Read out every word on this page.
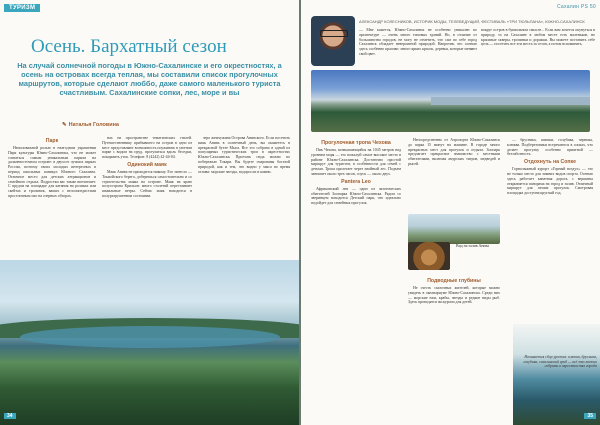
ТУРИЗМ
Осень. Бархатный сезон
На случай солнечной погоды в Южно-Сахалинске и его окрестностях, а осень на островах всегда теплая, мы составили список прогулочных маршрутов, которые сделают люббо, даже самого маленького туриста счастливым. Сахалинские сопки, лес, море и вы
✎ Наталья Головина
Парк

Немаловажной ролью в ежегодном украшении Парк культуры Южно-Сахалинска, что не может считаться самым уникальным парком на дальневосточном острове: в двухсот лучших парках России, поэтому своих молодых интересных в период школьных каникул Южного Сахалина. Отличное место для детских аттракционов и семейного отдыха. Подростки вас также впечатляет. С прудом на площадке для катания на роликах или скейтах и тропинок, ваших с велосипедистами проселочным ихо на озерных обзорах.

нах на пространстве тематических стилей. Путешественнику прибывшего на остров в одно из мест представляют возможность поужинать в уютном парке с видом на пруд, прогуляться вдоль беседки, покормить уток. Телефон: 8 (4242) 42-44-04.

Одинокий маяк

Маяк Анива не приходится никому. Его занесло — Токиойского берега, доберешься самостоятельно и со строительства маяка на острове. Маяк на краю полуострова Крильон: много столетий перестаивает шквальные ветры. Сейчас маяк находится в полуразрушенном состоянии.

зеро жемчужина Острова Анивского. Если посетить маяк Анива в солнечный день, вы окажетесь в прекрасной бухте Мыса. Все это собрано в одной из популярных туристических троп в окрестностях Южно-Сахалинска. Проехать сюда можно по побережью Токари. Вы будете очарованы богатой природой, как и тем, что видно у мыса во время отлива: морские звезды, водоросли и камни.

34
Сахалин PS 50
АЛЕКСАНДР КОЛЕСНИКОВ, ИСТОРИК МОДЫ, ТЕЛЕВЕДУЩИЙ, ФЕСТИВАЛЬ «ТРИ ТЮЛЬПАНА», ЮЖНО-САХАЛИНСК
— Мне кажется, Южно-Сахалинск не особенно уникален по архитектуре — очень много типовых зданий. Но, в отличие от большинства городов, не могу не отметить, что сам по себе город Сахалинск обладает невероятной природой. Напротив, что осенью здесь особенно красиво: много ярких красок, деревья, которые меняют свой цвет.
вокруг остров в буквальном смысле... Если вам хочется окунуться в природу, то на Сахалине в любом месте есть маленькие, но красивые скверы, тропинки и дорожки. Вы можете поставить себе цель — посетить все эти места за сезон, а потом вспоминать.
Прогулочная тропа Чехова

Пик Чехова, возвышающийся на 1045 метров над уровнем моря — это пожалуй самое высокое место в районе Южно-Сахалинска. Достаточно простой маршрут для туристов, в особенности для семей с детьми. Тропа пролегает через хвойный лес. Подъем занимает около трех часов, спуск — около двух.

Pantera Leo

Африканский лев — один из экзотических обитателей Зоопарка Южно-Сахалинска. Рядом со зверинцем находится Детский парк, что идеально подойдет для семейных прогулок.

Непосредственно от Аэропорта Южно-Сахалинск до парка 15 минут на машине. В городе много прекрасных мест для прогулок и отдыха. Зоопарк предлагает прекрасное знакомство с местными обитателями, включая амурских тигров, медведей и рысей.

Вид на залив Анива

Подводные глубины

Не счесть сказочных жителей, которые можно увидеть в океанариуме Южно-Сахалинска. Среди них — морские ежи, крабы, звезды и редкие виды рыб. Здесь проводятся экскурсии для детей.

— брусника, шишки, голубика, черника, клюква. Подберезовики встречаются в сопках, что делает прогулку особенно приятной — беззаботность.

Отдохнуть на Сопке

Горнолыжный курорт «Горный воздух» — это не только место для зимних видов спорта. Осенью здесь работает канатная дорога, с вершины открывается панорама на город и залив. Отличный маршрут для пеших прогулок. Смотровая площадка доступна круглый год.

Начинается сбор урожая: клюква, брусника, голубика, сахалинский гриб — всё это можно собрать в окрестностях города
35
